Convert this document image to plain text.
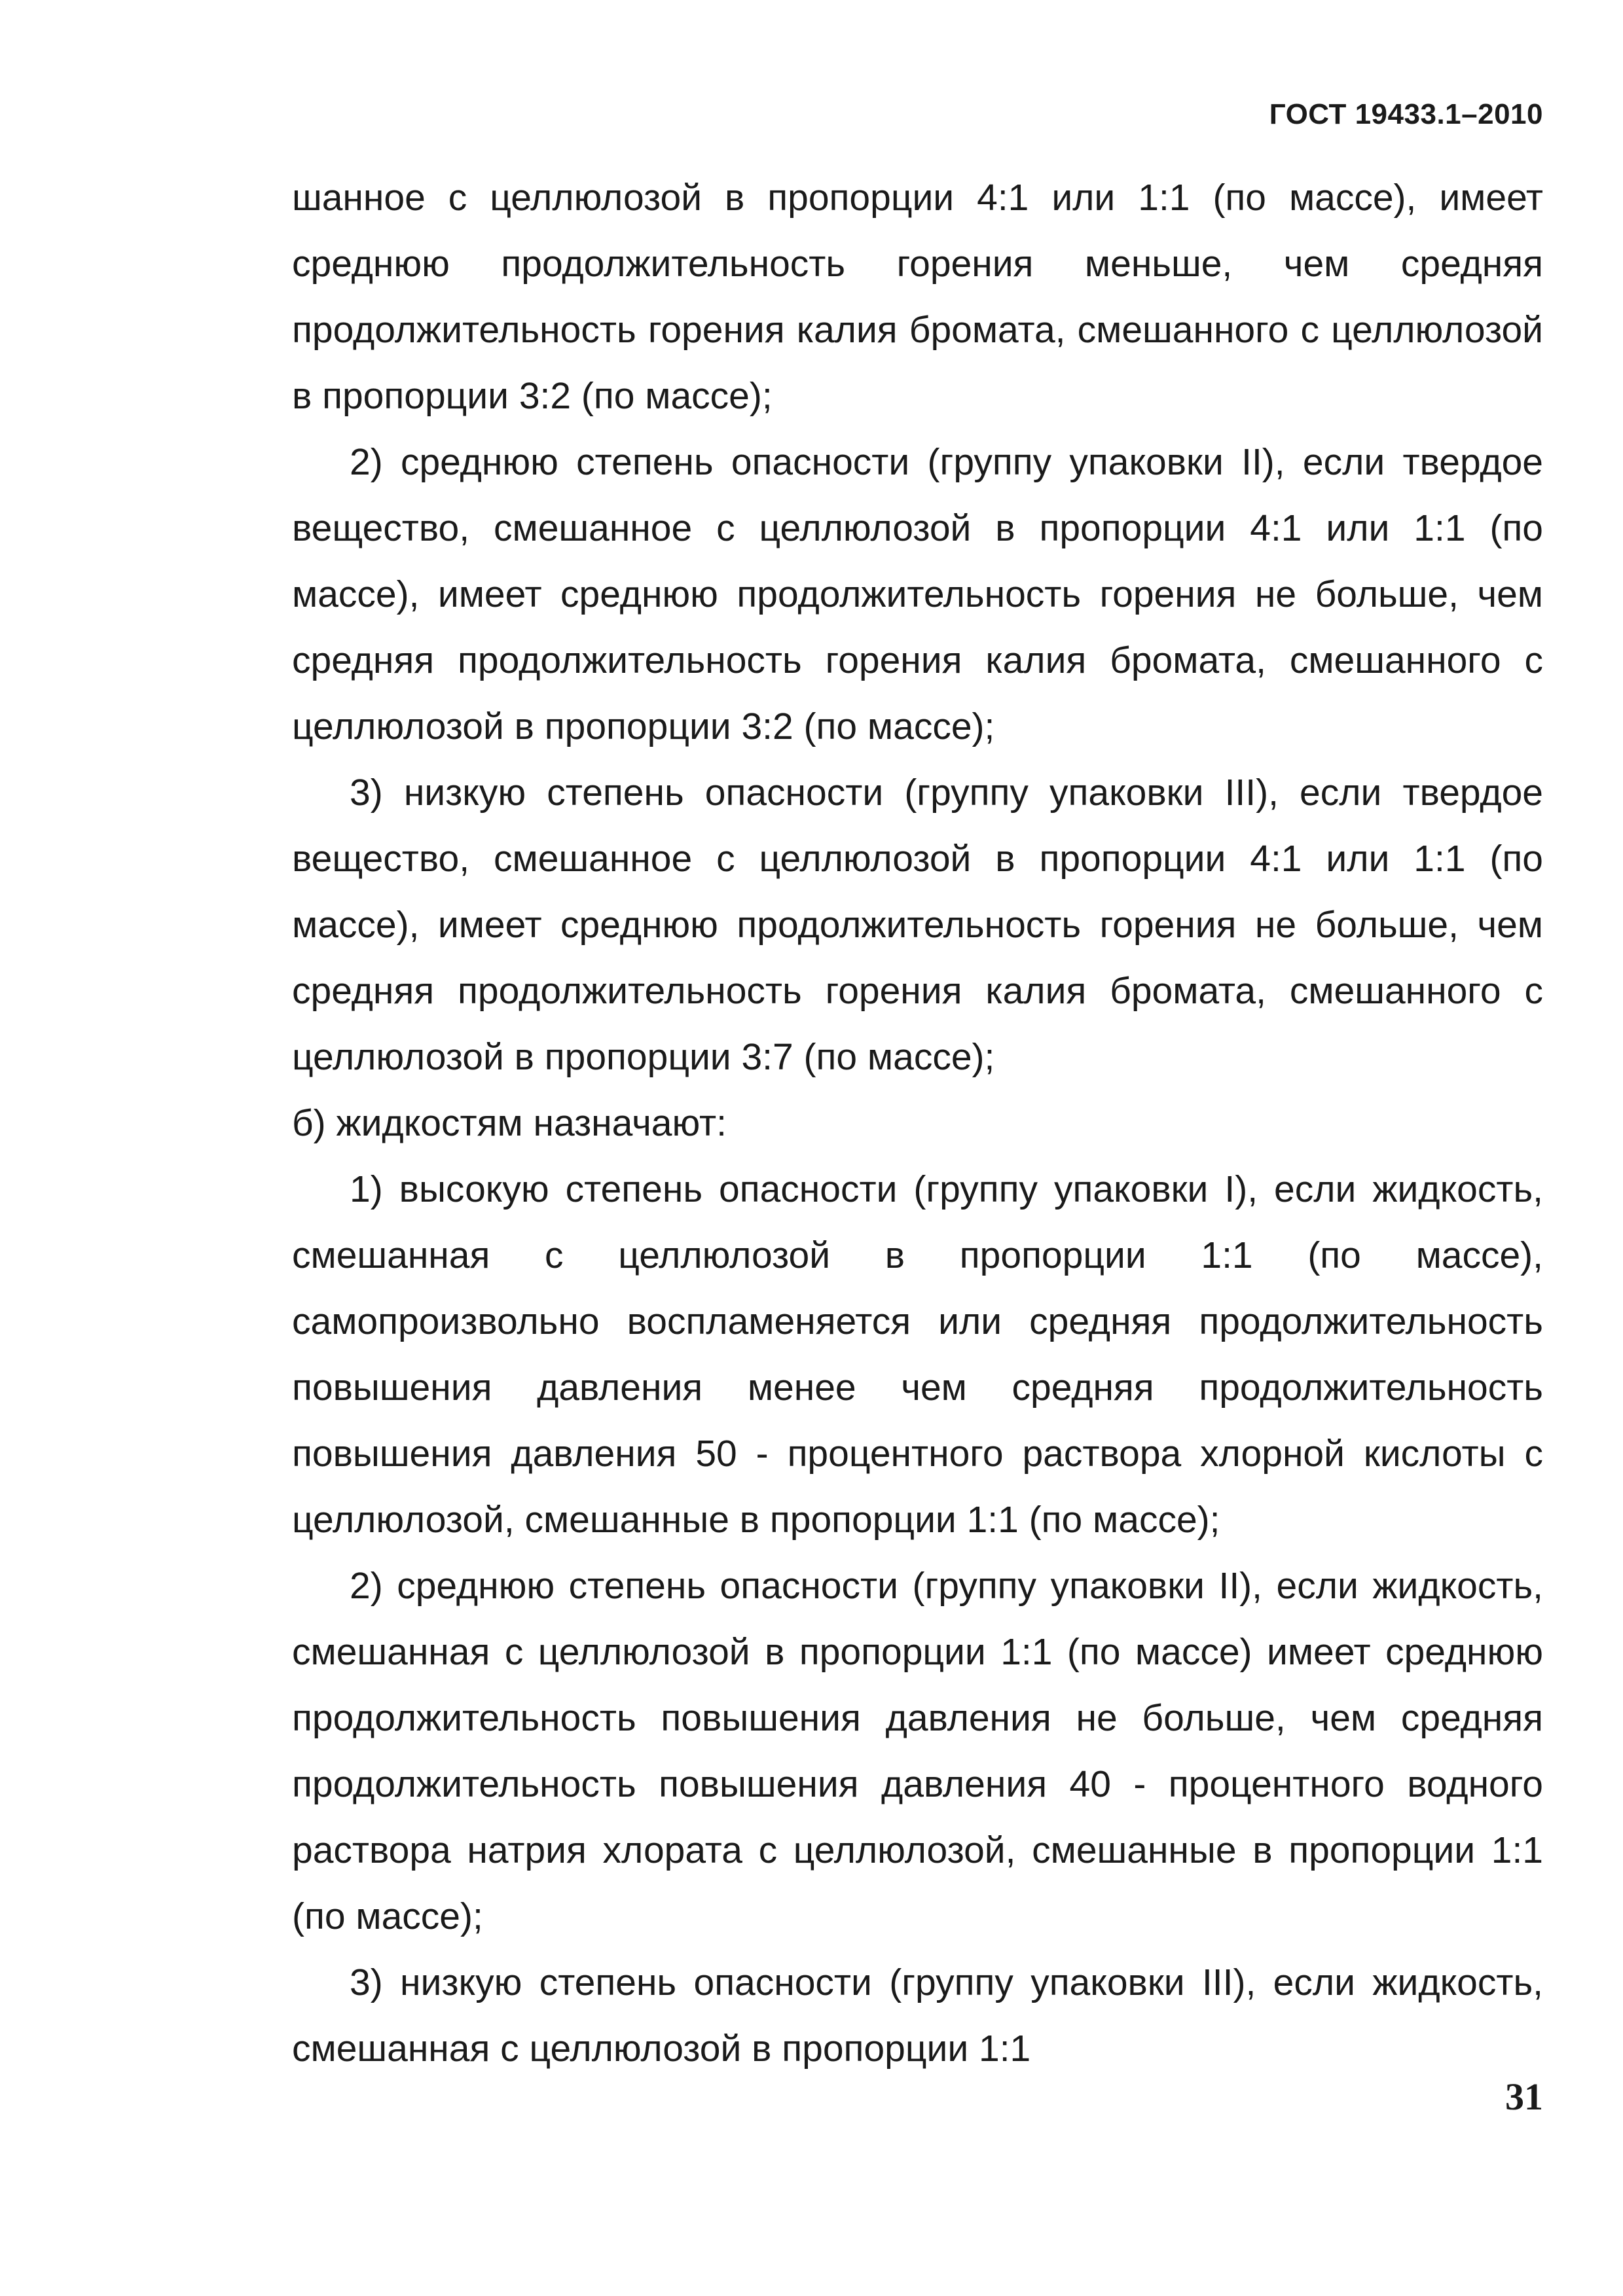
ГОСТ 19433.1–2010

шанное с целлюлозой в пропорции 4:1 или 1:1 (по массе), имеет среднюю продолжительность горения меньше, чем средняя продолжительность горения калия бромата, смешанного с целлюлозой в пропорции 3:2 (по массе);

2) среднюю степень опасности (группу упаковки II), если твердое вещество, смешанное с целлюлозой в пропорции 4:1 или 1:1 (по массе), имеет среднюю продолжительность горения не больше, чем средняя продолжительность горения калия бромата, смешанного с целлюлозой в пропорции 3:2 (по массе);

3) низкую степень опасности (группу упаковки III), если твердое вещество, смешанное с целлюлозой в пропорции 4:1 или 1:1 (по массе), имеет среднюю продолжительность горения не больше, чем средняя продолжительность горения калия бромата, смешанного с целлюлозой в пропорции 3:7 (по массе);

б) жидкостям назначают:

1) высокую степень опасности (группу упаковки I), если жидкость, смешанная с целлюлозой в пропорции 1:1 (по массе), самопроизвольно воспламеняется или средняя продолжительность повышения давления менее чем средняя продолжительность повышения давления 50 - процентного раствора хлорной кислоты с целлюлозой, смешанные в пропорции 1:1 (по массе);

2) среднюю степень опасности (группу упаковки II), если жидкость, смешанная с целлюлозой в пропорции 1:1 (по массе) имеет среднюю продолжительность повышения давления не больше, чем средняя продолжительность повышения давления 40 - процентного водного раствора натрия хлората с целлюлозой, смешанные в пропорции 1:1 (по массе);

3) низкую степень опасности (группу упаковки III), если жидкость, смешанная с целлюлозой в пропорции 1:1

31
